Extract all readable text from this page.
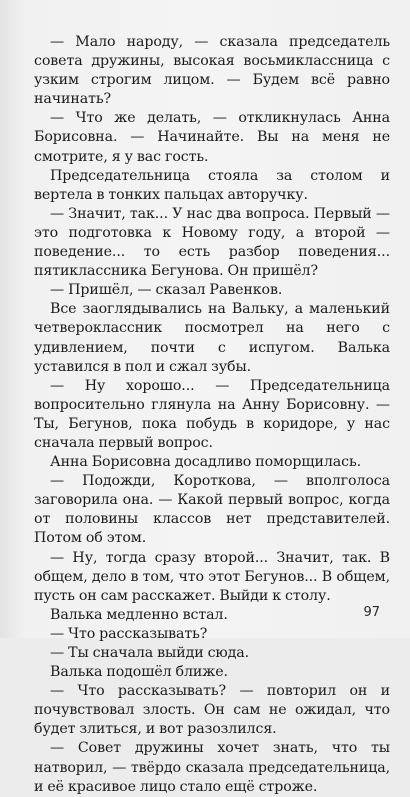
— Мало народу, — сказала председатель совета дружины, высокая восьмиклассница с узким строгим лицом. — Будем всё равно начинать?

— Что же делать, — откликнулась Анна Борисовна. — Начинайте. Вы на меня не смотрите, я у вас гость.

Председательница стояла за столом и вертела в тонких пальцах авторучку.

— Значит, так... У нас два вопроса. Первый — это подготовка к Новому году, а второй — поведение... то есть разбор поведения... пятиклассника Бегунова. Он пришёл?

— Пришёл, — сказал Равенков.

Все заоглядывались на Вальку, а маленький четвероклассник посмотрел на него с удивлением, почти с испугом. Валька уставился в пол и сжал зубы.

— Ну хорошо... — Председательница вопросительно глянула на Анну Борисовну. — Ты, Бегунов, пока побудь в коридоре, у нас сначала первый вопрос.

Анна Борисовна досадливо поморщилась.

— Подожди, Короткова, — вполголоса заговорила она. — Какой первый вопрос, когда от половины классов нет представителей. Потом об этом.

— Ну, тогда сразу второй... Значит, так. В общем, дело в том, что этот Бегунов... В общем, пусть он сам расскажет. Выйди к столу.

Валька медленно встал.

— Что рассказывать?

— Ты сначала выйди сюда.

Валька подошёл ближе.

— Что рассказывать? — повторил он и почувствовал злость. Он сам не ожидал, что будет злиться, и вот разозлился.

— Совет дружины хочет знать, что ты натворил, — твёрдо сказала председательница, и её красивое лицо стало ещё строже.

97
